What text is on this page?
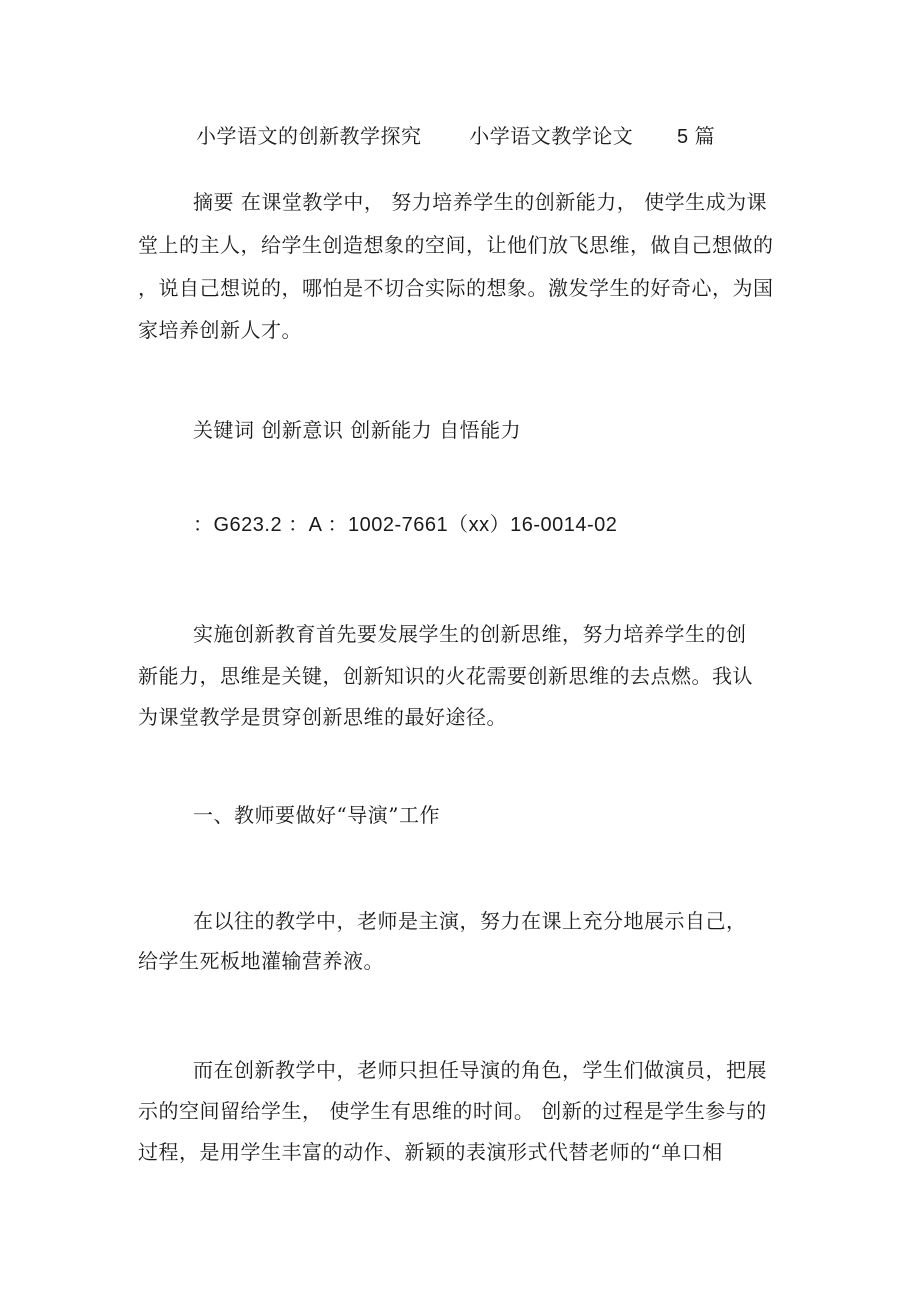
小学语文的创新教学探究 小学语文教学论文 5 篇
摘要 在课堂教学中， 努力培养学生的创新能力， 使学生成为课
堂上的主人，给学生创造想象的空间，让他们放飞思维，做自己想做的
，说自己想说的，哪怕是不切合实际的想象。激发学生的好奇心，为国
家培养创新人才。
关键词 创新意识 创新能力 自悟能力
：G623.2 ：A ：1002-7661（xx）16-0014-02
实施创新教育首先要发展学生的创新思维，努力培养学生的创
新能力，思维是关键，创新知识的火花需要创新思维的去点燃。我认
为课堂教学是贯穿创新思维的最好途径。
一、教师要做好“导演”工作
在以往的教学中，老师是主演，努力在课上充分地展示自己，
给学生死板地灌输营养液。
而在创新教学中，老师只担任导演的角色，学生们做演员，把展
示的空间留给学生， 使学生有思维的时间。 创新的过程是学生参与的
过程，是用学生丰富的动作、新颖的表演形式代替老师的“单口相
